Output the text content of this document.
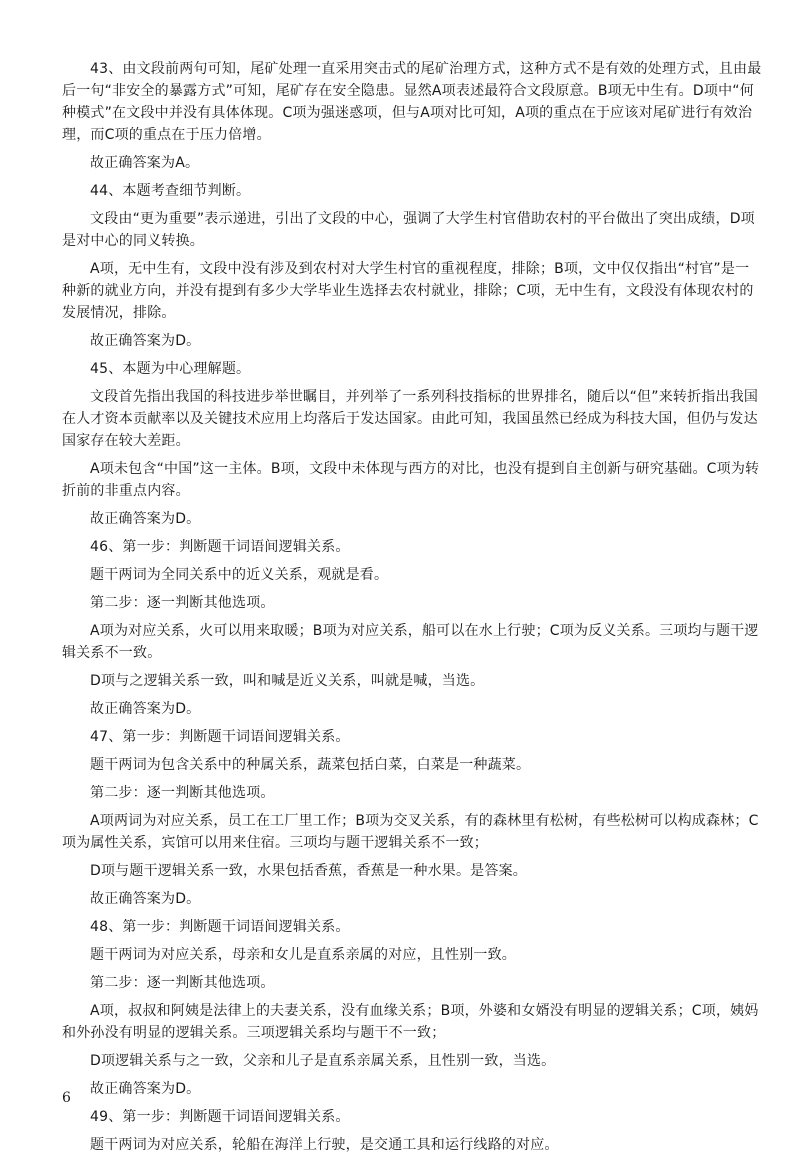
43、由文段前两句可知，尾矿处理一直采用突击式的尾矿治理方式，这种方式不是有效的处理方式，且由最后一句“非安全的暴露方式”可知，尾矿存在安全隐患。显然A项表述最符合文段原意。B项无中生有。D项中“何种模式”在文段中并没有具体体现。C项为强迷惑项，但与A项对比可知，A项的重点在于应该对尾矿进行有效治理，而C项的重点在于压力倍增。

故正确答案为A。

44、本题考查细节判断。

文段由“更为重要”表示递进，引出了文段的中心，强调了大学生村官借助农村的平台做出了突出成绩，D项是对中心的同义转换。

A项，无中生有，文段中没有涉及到农村对大学生村官的重视程度，排除；B项，文中仅仅指出“村官”是一种新的就业方向，并没有提到有多少大学毕业生选择去农村就业，排除；C项，无中生有，文段没有体现农村的发展情况，排除。

故正确答案为D。

45、本题为中心理解题。

文段首先指出我国的科技进步举世瞩目，并列举了一系列科技指标的世界排名，随后以“但”来转折指出我国在人才资本贡献率以及关键技术应用上均落后于发达国家。由此可知，我国虽然已经成为科技大国，但仍与发达国家存在较大差距。

A项未包含“中国”这一主体。B项，文段中未体现与西方的对比，也没有提到自主创新与研究基础。C项为转折前的非重点内容。

故正确答案为D。

46、第一步：判断题干词语间逻辑关系。

题干两词为全同关系中的近义关系，观就是看。

第二步：逐一判断其他选项。

A项为对应关系，火可以用来取暖；B项为对应关系，船可以在水上行驶；C项为反义关系。三项均与题干逻辑关系不一致。

D项与之逻辑关系一致，叫和喊是近义关系，叫就是喊，当选。

故正确答案为D。

47、第一步：判断题干词语间逻辑关系。

题干两词为包含关系中的种属关系，蔬菜包括白菜，白菜是一种蔬菜。

第二步：逐一判断其他选项。

A项两词为对应关系，员工在工厂里工作；B项为交叉关系，有的森林里有松树，有些松树可以构成森林；C项为属性关系，宾馆可以用来住宿。三项均与题干逻辑关系不一致；

D项与题干逻辑关系一致，水果包括香蕉，香蕉是一种水果。是答案。

故正确答案为D。

48、第一步：判断题干词语间逻辑关系。

题干两词为对应关系，母亲和女儿是直系亲属的对应，且性别一致。

第二步：逐一判断其他选项。

A项，叔叔和阿姨是法律上的夫妻关系，没有血缘关系；B项，外婆和女婿没有明显的逻辑关系；C项，姨妈和外孙没有明显的逻辑关系。三项逻辑关系均与题干不一致；

D项逻辑关系与之一致，父亲和儿子是直系亲属关系，且性别一致，当选。

故正确答案为D。

49、第一步：判断题干词语间逻辑关系。

题干两词为对应关系，轮船在海洋上行驶，是交通工具和运行线路的对应。

6
